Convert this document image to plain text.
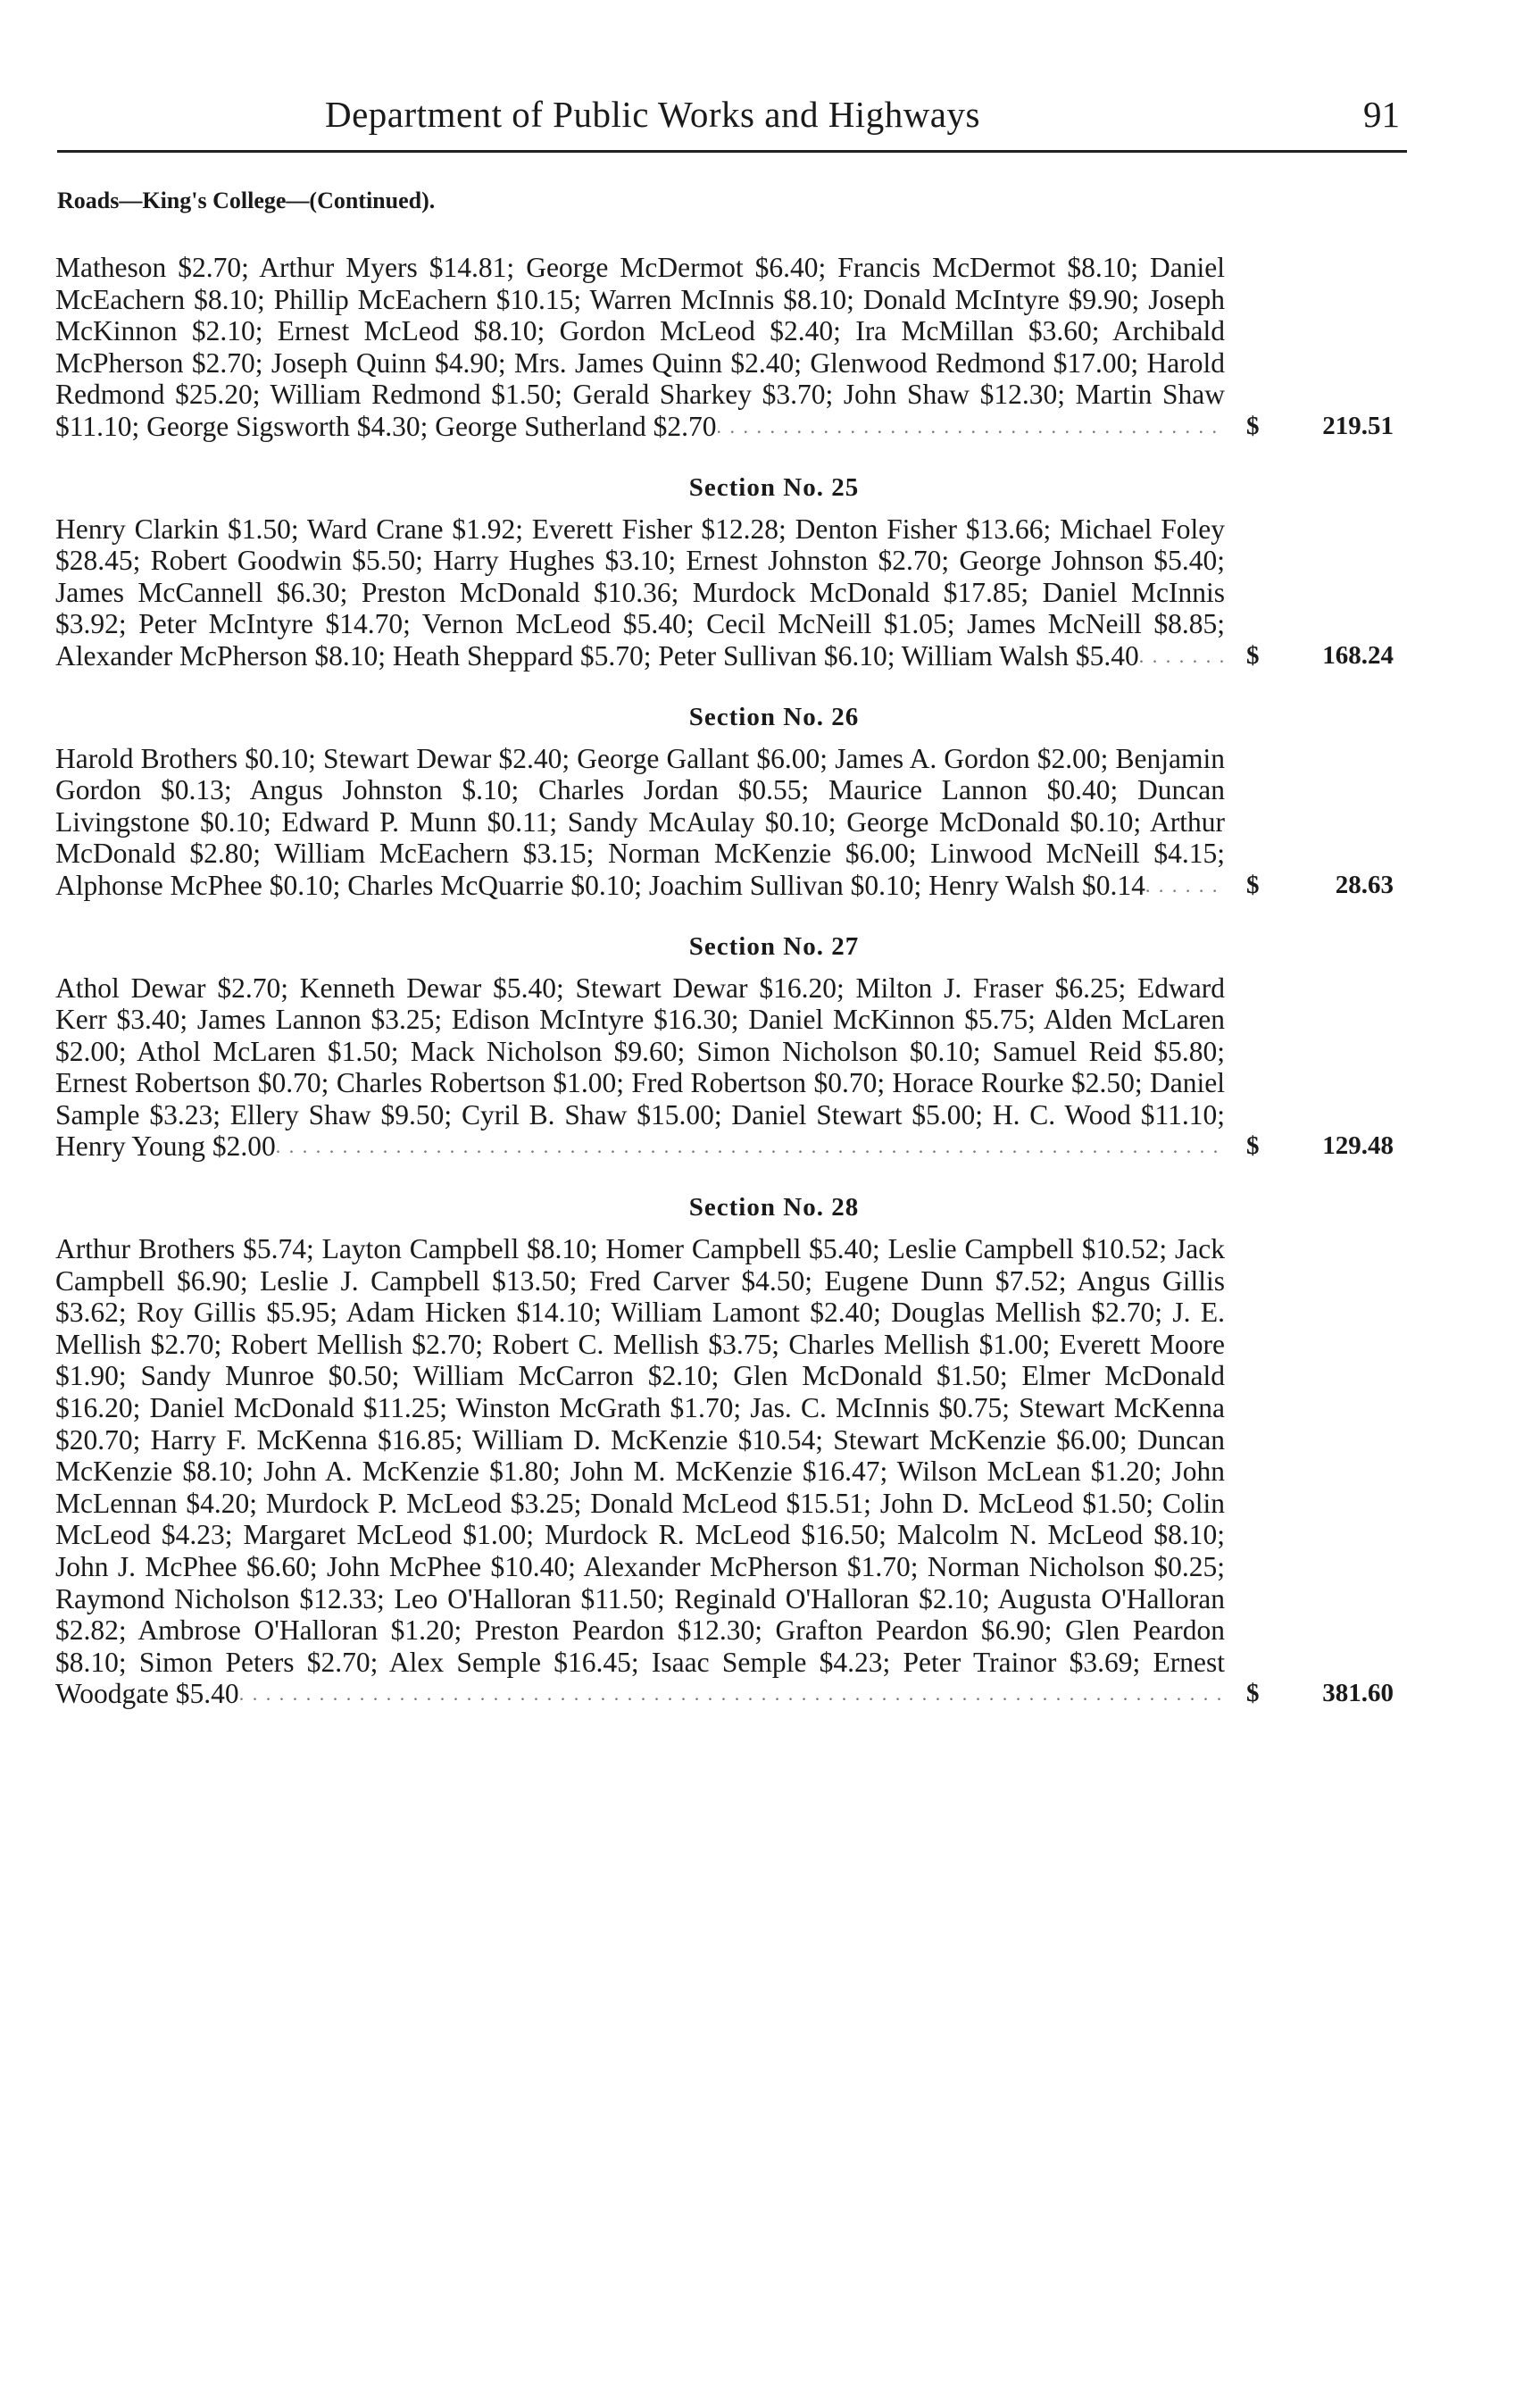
Department of Public Works and Highways	91
Roads—King's College—(Continued).
Matheson $2.70; Arthur Myers $14.81; George McDermot $6.40; Francis McDermot $8.10; Daniel McEachern $8.10; Phillip McEachern $10.15; Warren McInnis $8.10; Donald McIntyre $9.90; Joseph McKinnon $2.10; Ernest McLeod $8.10; Gordon McLeod $2.40; Ira McMillan $3.60; Archibald McPherson $2.70; Joseph Quinn $4.90; Mrs. James Quinn $2.40; Glenwood Redmond $17.00; Harold Redmond $25.20; William Redmond $1.50; Gerald Sharkey $3.70; John Shaw $12.30; Martin Shaw $11.10; George Sigsworth $4.30; George Sutherland $2.70 . . .	$ 219.51
Section No. 25
Henry Clarkin $1.50; Ward Crane $1.92; Everett Fisher $12.28; Denton Fisher $13.66; Michael Foley $28.45; Robert Goodwin $5.50; Harry Hughes $3.10; Ernest Johnston $2.70; George Johnson $5.40; James McCannell $6.30; Preston McDonald $10.36; Murdock McDonald $17.85; Daniel McInnis $3.92; Peter McIntyre $14.70; Vernon McLeod $5.40; Cecil McNeill $1.05; James McNeill $8.85; Alexander McPherson $8.10; Heath Sheppard $5.70; Peter Sullivan $6.10; William Walsh $5.40 . . .	$ 168.24
Section No. 26
Harold Brothers $0.10; Stewart Dewar $2.40; George Gallant $6.00; James A. Gordon $2.00; Benjamin Gordon $0.13; Angus Johnston $.10; Charles Jordan $0.55; Maurice Lannon $0.40; Duncan Livingstone $0.10; Edward P. Munn $0.11; Sandy McAulay $0.10; George McDonald $0.10; Arthur McDonald $2.80; William McEachern $3.15; Norman McKenzie $6.00; Linwood McNeill $4.15; Alphonse McPhee $0.10; Charles McQuarrie $0.10; Joachim Sullivan $0.10; Henry Walsh $0.14 . . .	$	28.63
Section No. 27
Athol Dewar $2.70; Kenneth Dewar $5.40; Stewart Dewar $16.20; Milton J. Fraser $6.25; Edward Kerr $3.40; James Lannon $3.25; Edison McIntyre $16.30; Daniel McKinnon $5.75; Alden McLaren $2.00; Athol McLaren $1.50; Mack Nicholson $9.60; Simon Nicholson $0.10; Samuel Reid $5.80; Ernest Robertson $0.70; Charles Robertson $1.00; Fred Robertson $0.70; Horace Rourke $2.50; Daniel Sample $3.23; Ellery Shaw $9.50; Cyril B. Shaw $15.00; Daniel Stewart $5.00; H. C. Wood $11.10; Henry Young $2.00 . . .	$ 129.48
Section No. 28
Arthur Brothers $5.74; Layton Campbell $8.10; Homer Campbell $5.40; Leslie Campbell $10.52; Jack Campbell $6.90; Leslie J. Campbell $13.50; Fred Carver $4.50; Eugene Dunn $7.52; Angus Gillis $3.62; Roy Gillis $5.95; Adam Hicken $14.10; William Lamont $2.40; Douglas Mellish $2.70; J. E. Mellish $2.70; Robert Mellish $2.70; Robert C. Mellish $3.75; Charles Mellish $1.00; Everett Moore $1.90; Sandy Munroe $0.50; William McCarron $2.10; Glen McDonald $1.50; Elmer McDonald $16.20; Daniel McDonald $11.25; Winston McGrath $1.70; Jas. C. McInnis $0.75; Stewart McKenna $20.70; Harry F. McKenna $16.85; William D. McKenzie $10.54; Stewart McKenzie $6.00; Duncan McKenzie $8.10; John A. McKenzie $1.80; John M. McKenzie $16.47; Wilson McLean $1.20; John McLennan $4.20; Murdock P. McLeod $3.25; Donald McLeod $15.51; John D. McLeod $1.50; Colin McLeod $4.23; Margaret McLeod $1.00; Murdock R. McLeod $16.50; Malcolm N. McLeod $8.10; John J. McPhee $6.60; John McPhee $10.40; Alexander McPherson $1.70; Norman Nicholson $0.25; Raymond Nicholson $12.33; Leo O'Halloran $11.50; Reginald O'Halloran $2.10; Augusta O'Halloran $2.82; Ambrose O'Halloran $1.20; Preston Peardon $12.30; Grafton Peardon $6.90; Glen Peardon $8.10; Simon Peters $2.70; Alex Semple $16.45; Isaac Semple $4.23; Peter Trainor $3.69; Ernest Woodgate $5.40 . . .	$ 381.60
